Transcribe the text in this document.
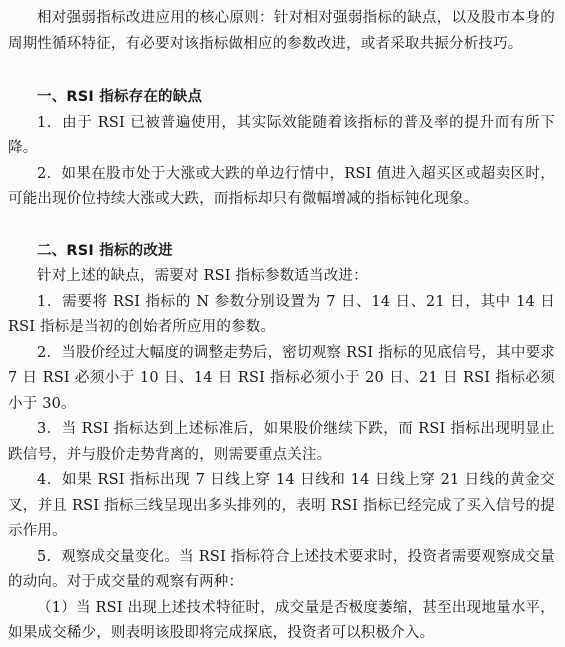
相对强弱指标改进应用的核心原则：针对相对强弱指标的缺点，以及股市本身的周期性循环特征，有必要对该指标做相应的参数改进，或者采取共振分析技巧。

一、RSI 指标存在的缺点

1．由于 RSI 已被普遍使用，其实际效能随着该指标的普及率的提升而有所下降。

2．如果在股市处于大涨或大跌的单边行情中，RSI 值进入超买区或超卖区时，可能出现价位持续大涨或大跌，而指标却只有微幅增减的指标钝化现象。

二、RSI 指标的改进

针对上述的缺点，需要对 RSI 指标参数适当改进：

1．需要将 RSI 指标的 N 参数分别设置为 7 日、14 日、21 日，其中 14 日 RSI 指标是当初的创始者所应用的参数。

2．当股价经过大幅度的调整走势后，密切观察 RSI 指标的见底信号，其中要求 7 日 RSI 必须小于 10 日、14 日 RSI 指标必须小于 20 日、21 日 RSI 指标必须小于 30。

3．当 RSI 指标达到上述标准后，如果股价继续下跌，而 RSI 指标出现明显止跌信号，并与股价走势背离的，则需要重点关注。

4．如果 RSI 指标出现 7 日线上穿 14 日线和 14 日线上穿 21 日线的黄金交叉，并且 RSI 指标三线呈现出多头排列的，表明 RSI 指标已经完成了买入信号的提示作用。

5．观察成交量变化。当 RSI 指标符合上述技术要求时，投资者需要观察成交量的动向。对于成交量的观察有两种：

（1）当 RSI 出现上述技术特征时，成交量是否极度萎缩，甚至出现地量水平，如果成交稀少，则表明该股即将完成探底，投资者可以积极介入。
